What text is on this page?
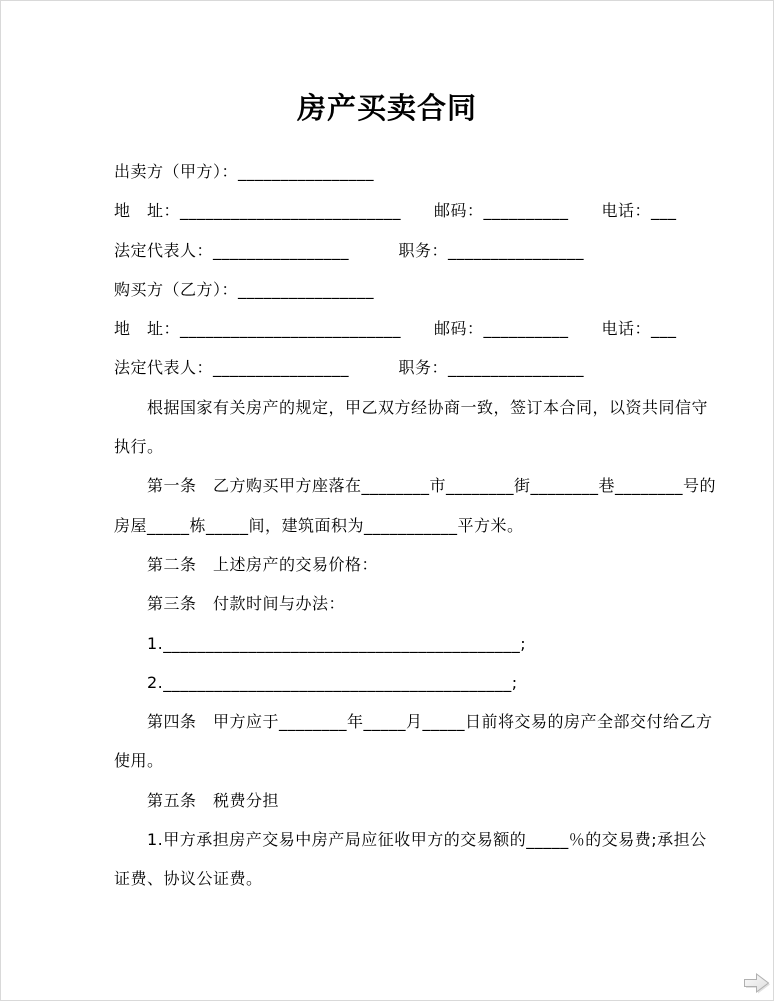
房产买卖合同
出卖方（甲方）：________________
地　址：__________________________　　邮码：__________　　电话：___
法定代表人：________________　　　职务：________________
购买方（乙方）：________________
地　址：__________________________　　邮码：__________　　电话：___
法定代表人：________________　　　职务：________________
　　根据国家有关房产的规定，甲乙双方经协商一致，签订本合同，以资共同信守
执行。
　　第一条　乙方购买甲方座落在________市________街________巷________号的
房屋_____栋_____间，建筑面积为___________平方米。
　　第二条　上述房产的交易价格：
　　第三条　付款时间与办法：
　　1.__________________________________________;
　　2._________________________________________;
　　第四条　甲方应于________年_____月_____日前将交易的房产全部交付给乙方
使用。
　　第五条　税费分担
　　1.甲方承担房产交易中房产局应征收甲方的交易额的_____％的交易费;承担公
证费、协议公证费。
